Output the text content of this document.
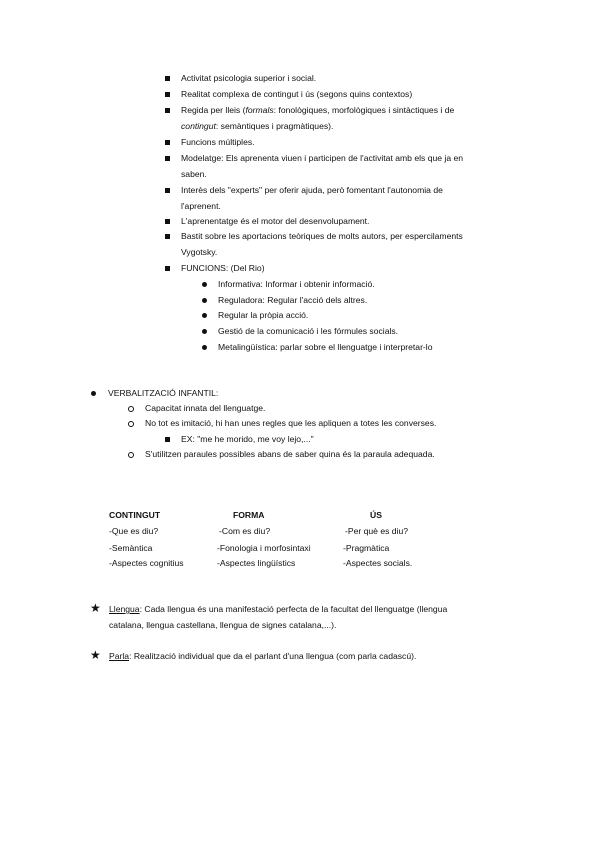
Activitat psicologia superior i social.
Realitat complexa de contingut i ús (segons quins contextos)
Regida per lleis (formals: fonològiques, morfològiques i sintàctiques i de
contingut: semàntiques i pragmàtiques).
Funcions múltiples.
Modelatge: Els aprenenta viuen i participen de l'activitat amb els que ja en
saben.
Interès dels "experts" per oferir ajuda, però fomentant l'autonomia de
l'aprenent.
L'aprenentatge és el motor del desenvolupament.
Bastit sobre les aportacions teòriques de molts autors, per espercilaments
Vygotsky.
FUNCIONS: (Del Rio)
Informativa: Informar i obtenir informació.
Reguladora: Regular l'acció dels altres.
Regular la pròpia acció.
Gestió de la comunicació i les fórmules socials.
Metalingüística: parlar sobre el llenguatge i interpretar-lo
VERBALITZACIÓ INFANTIL:
Capacitat innata del llenguatge.
No tot es imitació, hi han unes regles que les apliquen a totes les converses.
EX: "me he morido, me voy lejo,..."
S'utilitzen paraules possibles abans de saber quina és la paraula adequada.
CONTINGUT	FORMA	ÚS
-Que es diu?	-Com es diu?	-Per què es diu?
-Semàntica	-Fonologia i morfosintaxi	-Pragmàtica
-Aspectes cognitius	-Aspectes lingüístics	-Aspectes socials.
★ Llengua: Cada llengua és una manifestació perfecta de la facultat del llenguatge (llengua
catalana, llengua castellana, llengua de signes catalana,...).
★ Parla: Realització individual que da el parlant d'una llengua (com parla cadascú).
